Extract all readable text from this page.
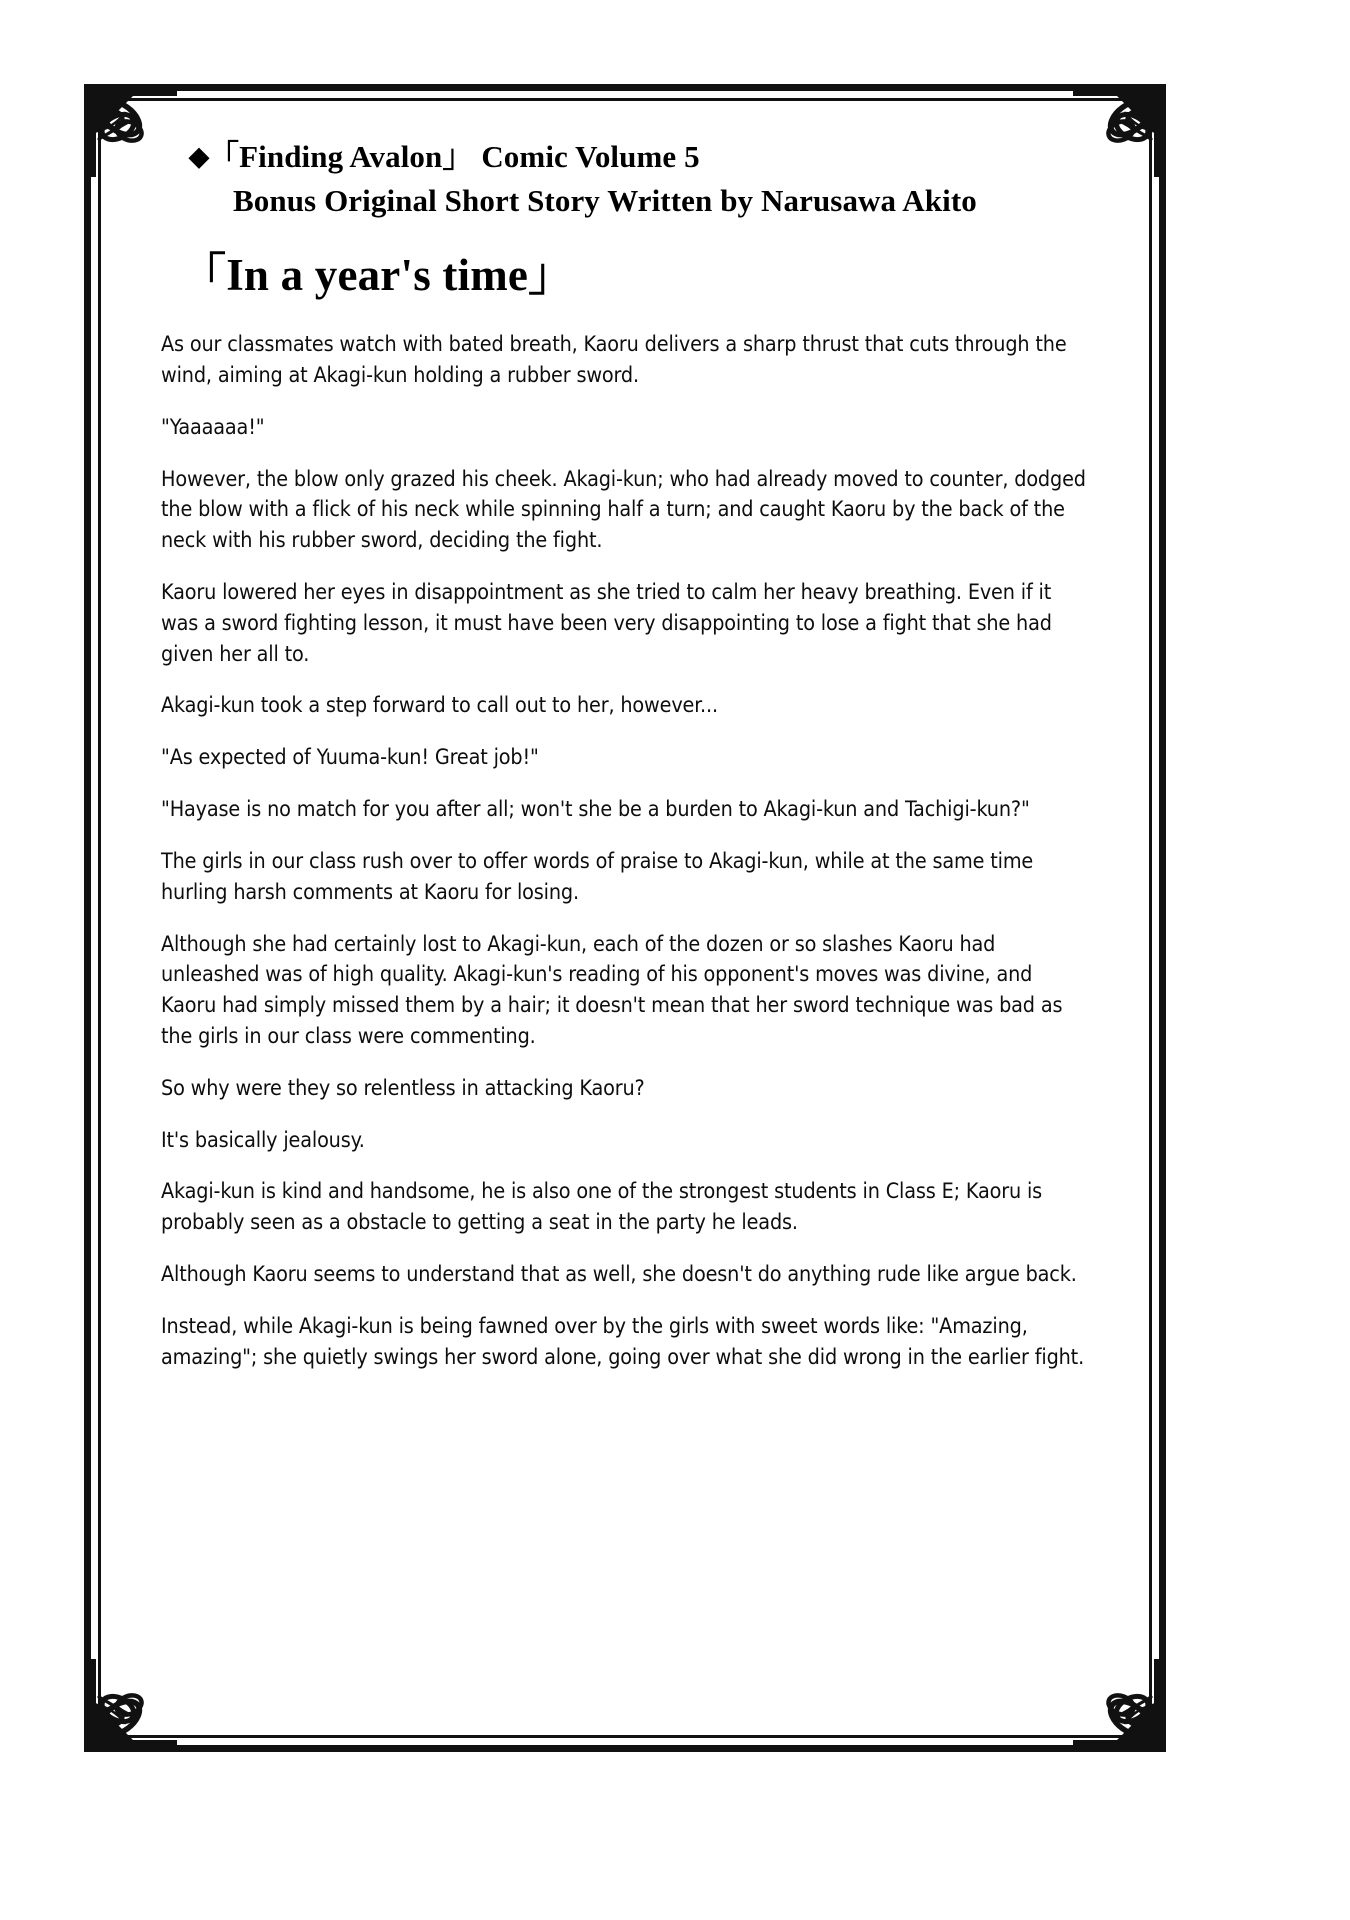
◆「Finding Avalon」 Comic Volume 5
Bonus Original Short Story Written by Narusawa Akito
「In a year's time」

As our classmates watch with bated breath, Kaoru delivers a sharp thrust that cuts through the wind, aiming at Akagi-kun holding a rubber sword.

"Yaaaaaa!"

However, the blow only grazed his cheek. Akagi-kun; who had already moved to counter, dodged the blow with a flick of his neck while spinning half a turn; and caught Kaoru by the back of the neck with his rubber sword, deciding the fight.

Kaoru lowered her eyes in disappointment as she tried to calm her heavy breathing. Even if it was a sword fighting lesson, it must have been very disappointing to lose a fight that she had given her all to.

Akagi-kun took a step forward to call out to her, however...

"As expected of Yuuma-kun! Great job!"

"Hayase is no match for you after all; won't she be a burden to Akagi-kun and Tachigi-kun?"

The girls in our class rush over to offer words of praise to Akagi-kun, while at the same time hurling harsh comments at Kaoru for losing.

Although she had certainly lost to Akagi-kun, each of the dozen or so slashes Kaoru had unleashed was of high quality. Akagi-kun's reading of his opponent's moves was divine, and Kaoru had simply missed them by a hair; it doesn't mean that her sword technique was bad as the girls in our class were commenting.

So why were they so relentless in attacking Kaoru?

It's basically jealousy.

Akagi-kun is kind and handsome, he is also one of the strongest students in Class E; Kaoru is probably seen as a obstacle to getting a seat in the party he leads.

Although Kaoru seems to understand that as well, she doesn't do anything rude like argue back.

Instead, while Akagi-kun is being fawned over by the girls with sweet words like: "Amazing, amazing"; she quietly swings her sword alone, going over what she did wrong in the earlier fight.
